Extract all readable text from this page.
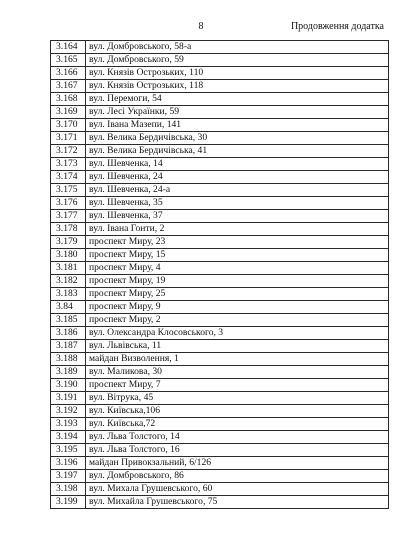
8	Продовження додатка
3.164	вул. Домбровського, 58-а
3.165	вул. Домбровського, 59
3.166	вул. Князів Острозьких, 110
3.167	вул. Князів Острозьких, 118
3.168	вул. Перемоги, 54
3.169	вул. Лесі Українки, 59
3.170	вул. Івана Мазепи, 141
3.171	вул. Велика Бердичівська, 30
3.172	вул. Велика Бердичівська, 41
3.173	вул. Шевченка, 14
3.174	вул. Шевченка, 24
3.175	вул. Шевченка, 24-а
3.176	вул. Шевченка, 35
3.177	вул. Шевченка, 37
3.178	вул. Івана Гонти, 2
3.179	проспект Миру, 23
3.180	проспект Миру, 15
3.181	проспект Миру, 4
3.182	проспект Миру, 19
3.183	проспект Миру, 25
3.84	проспект Миру, 9
3.185	проспект Миру, 2
3.186	вул. Олександра Клосовського, 3
3.187	вул. Львівська, 11
3.188	майдан Визволення, 1
3.189	вул. Маликова, 30
3.190	проспект Миру, 7
3.191	вул. Вітрука, 45
3.192	вул. Київська,106
3.193	вул. Київська,72
3.194	вул. Льва Толстого, 14
3.195	вул. Льва Толстого, 16
3.196	майдан Привокзальний, 6/126
3.197	вул. Домбровського, 86
3.198	вул. Михала Грушевського, 60
3.199	вул. Михайла Грушевського, 75
